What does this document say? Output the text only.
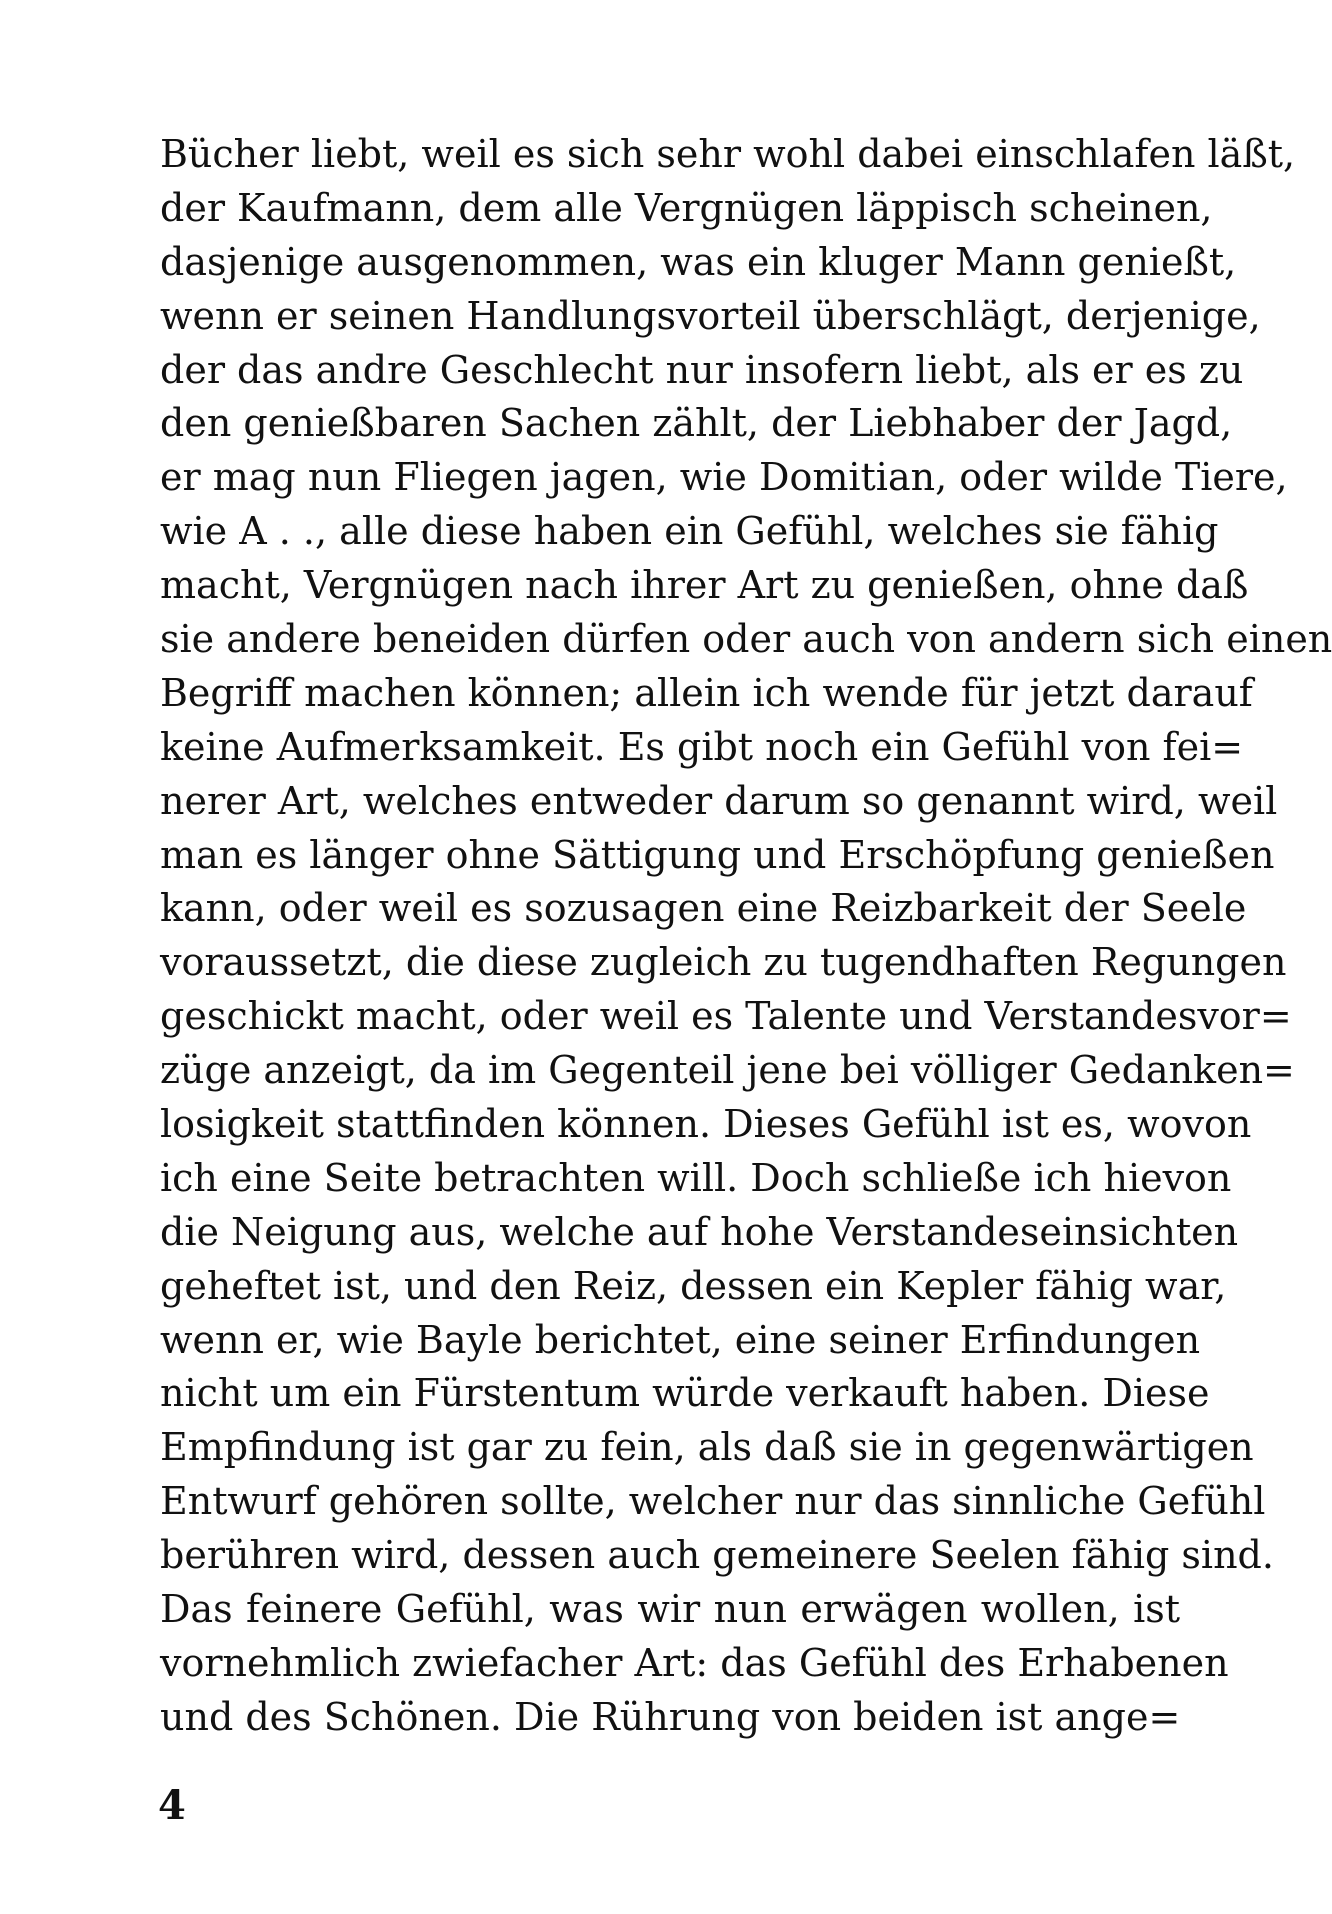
Bücher liebt, weil es sich sehr wohl dabei einschlafen läßt,
der Kaufmann, dem alle Vergnügen läppisch scheinen,
dasjenige ausgenommen, was ein kluger Mann genießt,
wenn er seinen Handlungsvorteil überschlägt, derjenige,
der das andre Geschlecht nur insofern liebt, als er es zu
den genießbaren Sachen zählt, der Liebhaber der Jagd,
er mag nun Fliegen jagen, wie Domitian, oder wilde Tiere,
wie A . ., alle diese haben ein Gefühl, welches sie fähig
macht, Vergnügen nach ihrer Art zu genießen, ohne daß
sie andere beneiden dürfen oder auch von andern sich einen
Begriff machen können; allein ich wende für jetzt darauf
keine Aufmerksamkeit. Es gibt noch ein Gefühl von fei=
nerer Art, welches entweder darum so genannt wird, weil
man es länger ohne Sättigung und Erschöpfung genießen
kann, oder weil es sozusagen eine Reizbarkeit der Seele
voraussetzt, die diese zugleich zu tugendhaften Regungen
geschickt macht, oder weil es Talente und Verstandesvor=
züge anzeigt, da im Gegenteil jene bei völliger Gedanken=
losigkeit stattfinden können. Dieses Gefühl ist es, wovon
ich eine Seite betrachten will. Doch schließe ich hievon
die Neigung aus, welche auf hohe Verstandeseinsichten
geheftet ist, und den Reiz, dessen ein Kepler fähig war,
wenn er, wie Bayle berichtet, eine seiner Erfindungen
nicht um ein Fürstentum würde verkauft haben. Diese
Empfindung ist gar zu fein, als daß sie in gegenwärtigen
Entwurf gehören sollte, welcher nur das sinnliche Gefühl
berühren wird, dessen auch gemeinere Seelen fähig sind.
Das feinere Gefühl, was wir nun erwägen wollen, ist
vornehmlich zwiefacher Art: das Gefühl des Erhabenen
und des Schönen. Die Rührung von beiden ist ange=
4
